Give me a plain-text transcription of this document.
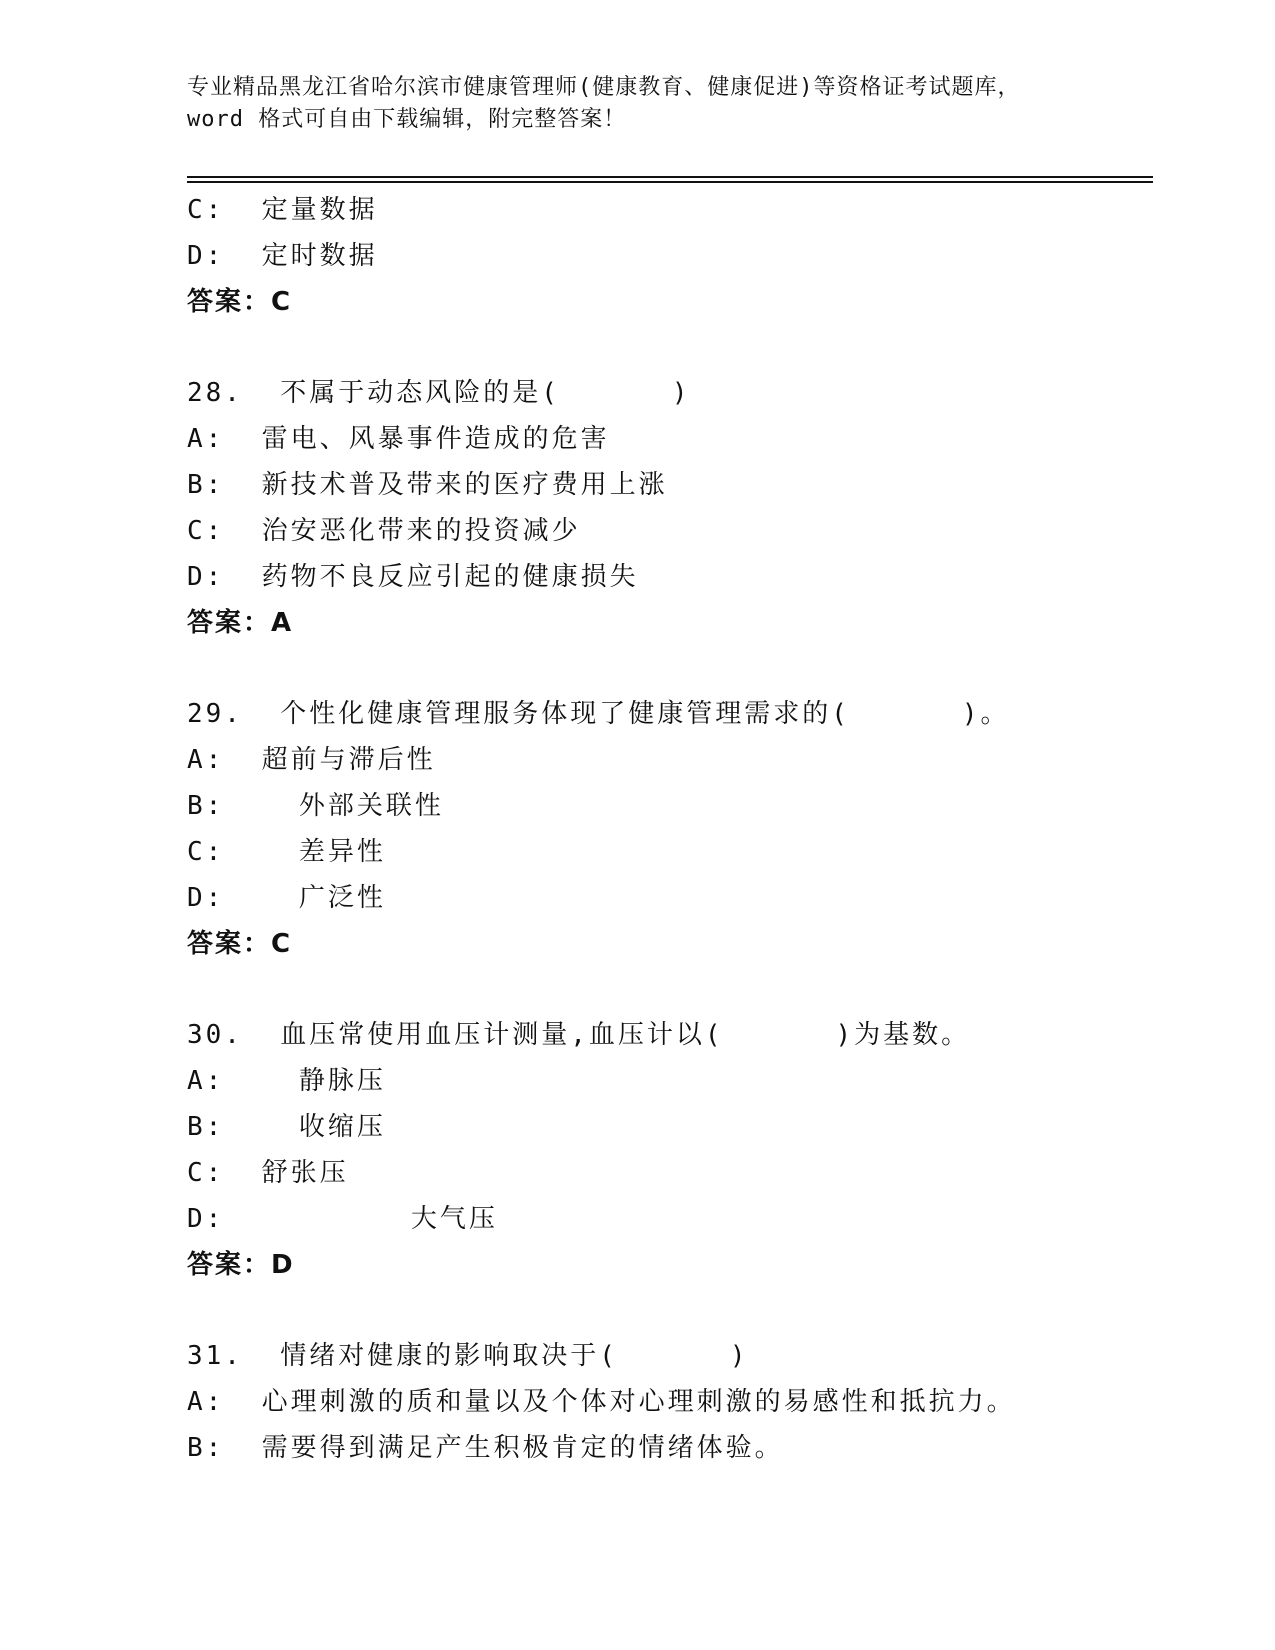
专业精品黑龙江省哈尔滨市健康管理师(健康教育、健康促进)等资格证考试题库，
word 格式可自由下载编辑，附完整答案！
C:  定量数据
D:  定时数据
答案：C
28.  不属于动态风险的是(      )
A:  雷电、风暴事件造成的危害
B:  新技术普及带来的医疗费用上涨
C:  治安恶化带来的投资减少
D:  药物不良反应引起的健康损失
答案：A
29.  个性化健康管理服务体现了健康管理需求的(      )。
A:  超前与滞后性
B:    外部关联性
C:    差异性
D:    广泛性
答案：C
30.  血压常使用血压计测量,血压计以(      )为基数。
A:    静脉压
B:    收缩压
C:  舒张压
D:          大气压
答案：D
31.  情绪对健康的影响取决于(      )
A:  心理刺激的质和量以及个体对心理刺激的易感性和抵抗力。
B:  需要得到满足产生积极肯定的情绪体验。
